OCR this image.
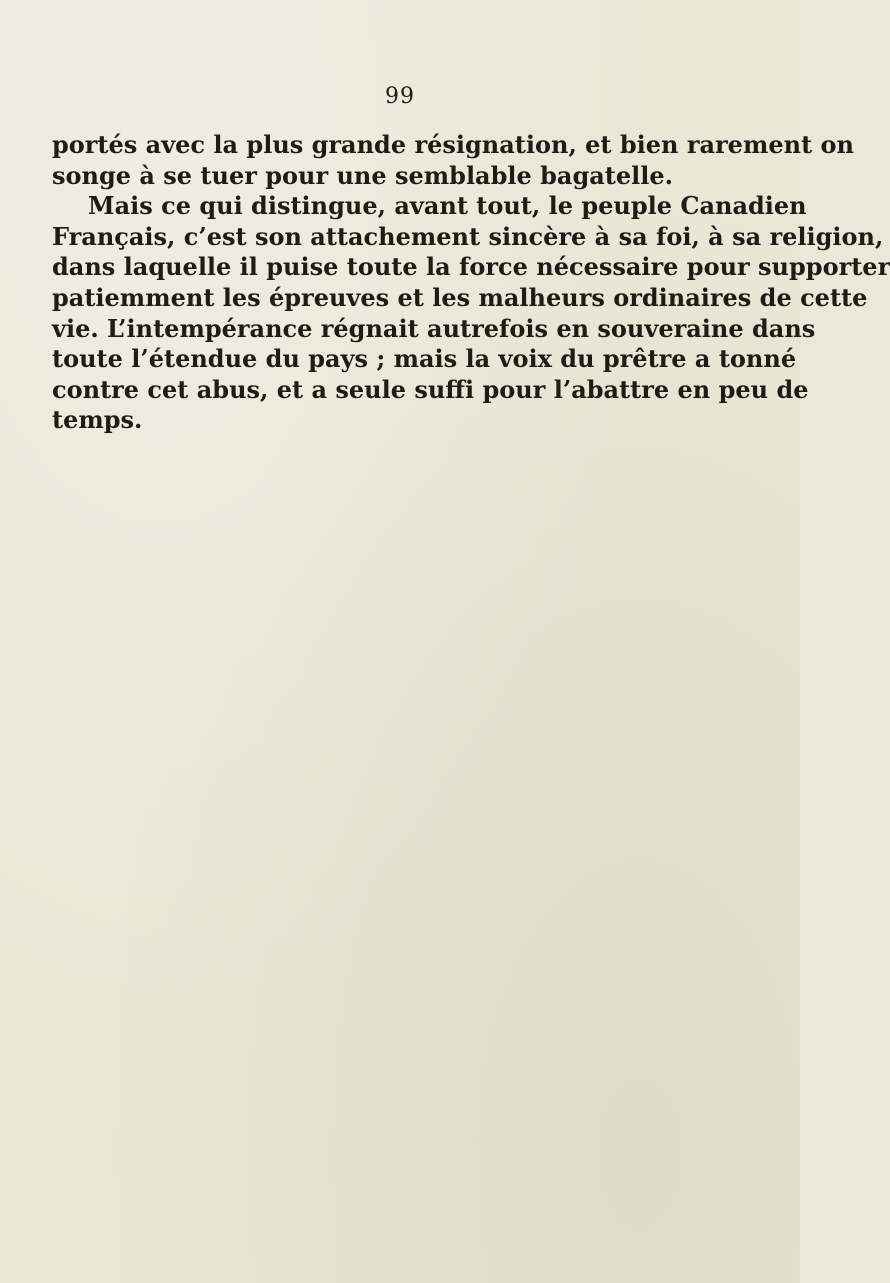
99
portés avec la plus grande résignation, et bien rarement on
songe à se tuer pour une semblable bagatelle.
Mais ce qui distingue, avant tout, le peuple Canadien
Français, c’est son attachement sincère à sa foi, à sa religion,
dans laquelle il puise toute la force nécessaire pour supporter
patiemment les épreuves et les malheurs ordinaires de cette
vie. L’intempérance régnait autrefois en souveraine dans
toute l’étendue du pays ; mais la voix du prêtre a tonné
contre cet abus, et a seule suffi pour l’abattre en peu de
temps.
